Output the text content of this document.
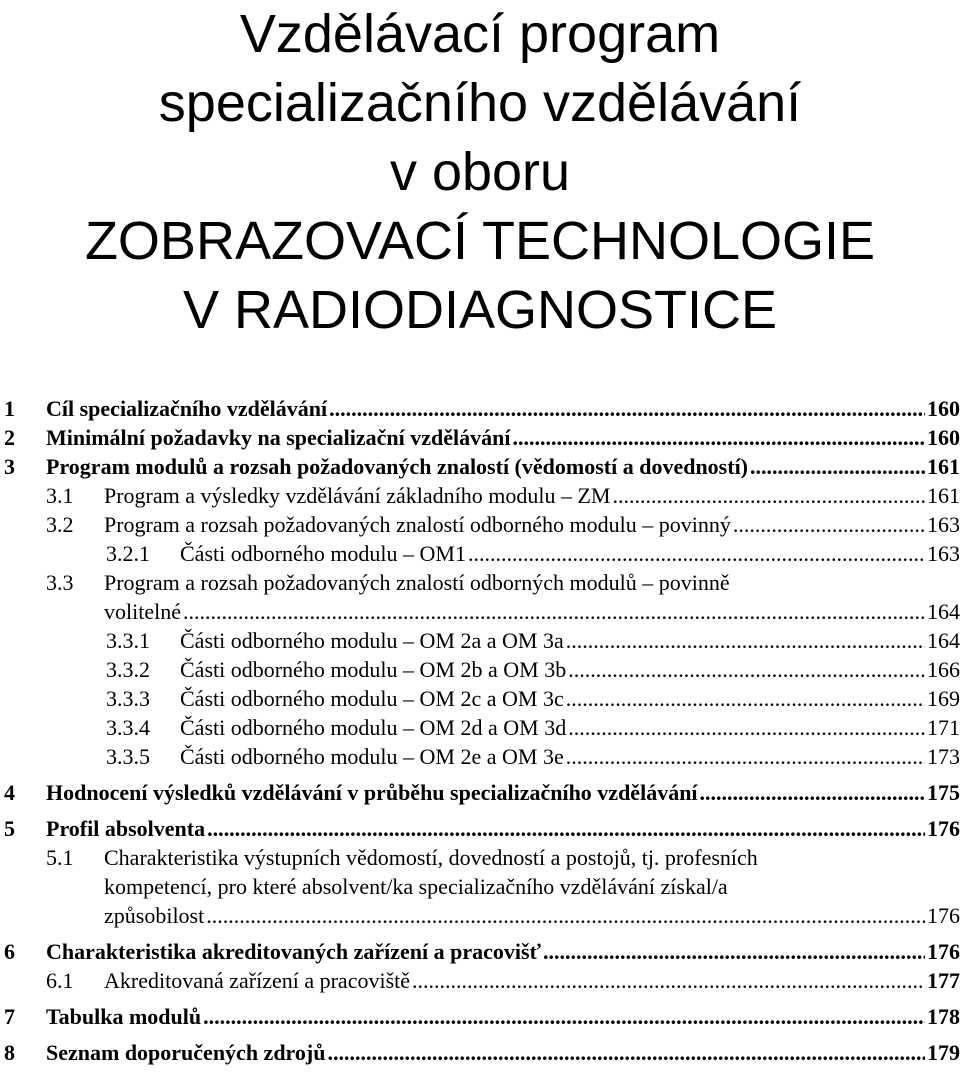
Vzdělávací program
specializačního vzdělávání
v oboru
ZOBRAZOVACÍ TECHNOLOGIE
V RADIODIAGNOSTICE
1 Cíl specializačního vzdělávání .....	160
2 Minimální požadavky na specializační vzdělávání .....	160
3 Program modulů a rozsah požadovaných znalostí (vědomostí a dovedností) .....	161
3.1 Program a výsledky vzdělávání základního modulu – ZM .....	161
3.2 Program a rozsah požadovaných znalostí odborného modulu – povinný .....	163
3.2.1 Části odborného modulu – OM1 .....	163
3.3 Program a rozsah požadovaných znalostí odborných modulů – povinně
volitelné .....	164
3.3.1 Části odborného modulu – OM 2a a OM 3a .....	164
3.3.2 Části odborného modulu – OM 2b a OM 3b .....	166
3.3.3 Části odborného modulu – OM 2c a OM 3c .....	169
3.3.4 Části odborného modulu – OM 2d a OM 3d .....	171
3.3.5 Části odborného modulu – OM 2e a OM 3e .....	173
4 Hodnocení výsledků vzdělávání v průběhu specializačního vzdělávání .....	175
5 Profil absolventa .....	176
5.1 Charakteristika výstupních vědomostí, dovedností a postojů, tj. profesních
kompetencí, pro které absolvent/ka specializačního vzdělávání získal/a
způsobilost .....	176
6 Charakteristika akreditovaných zařízení a pracovišť .....	176
6.1 Akreditovaná zařízení a pracoviště .....	177
7 Tabulka modulů .....	178
8 Seznam doporučených zdrojů .....	179
